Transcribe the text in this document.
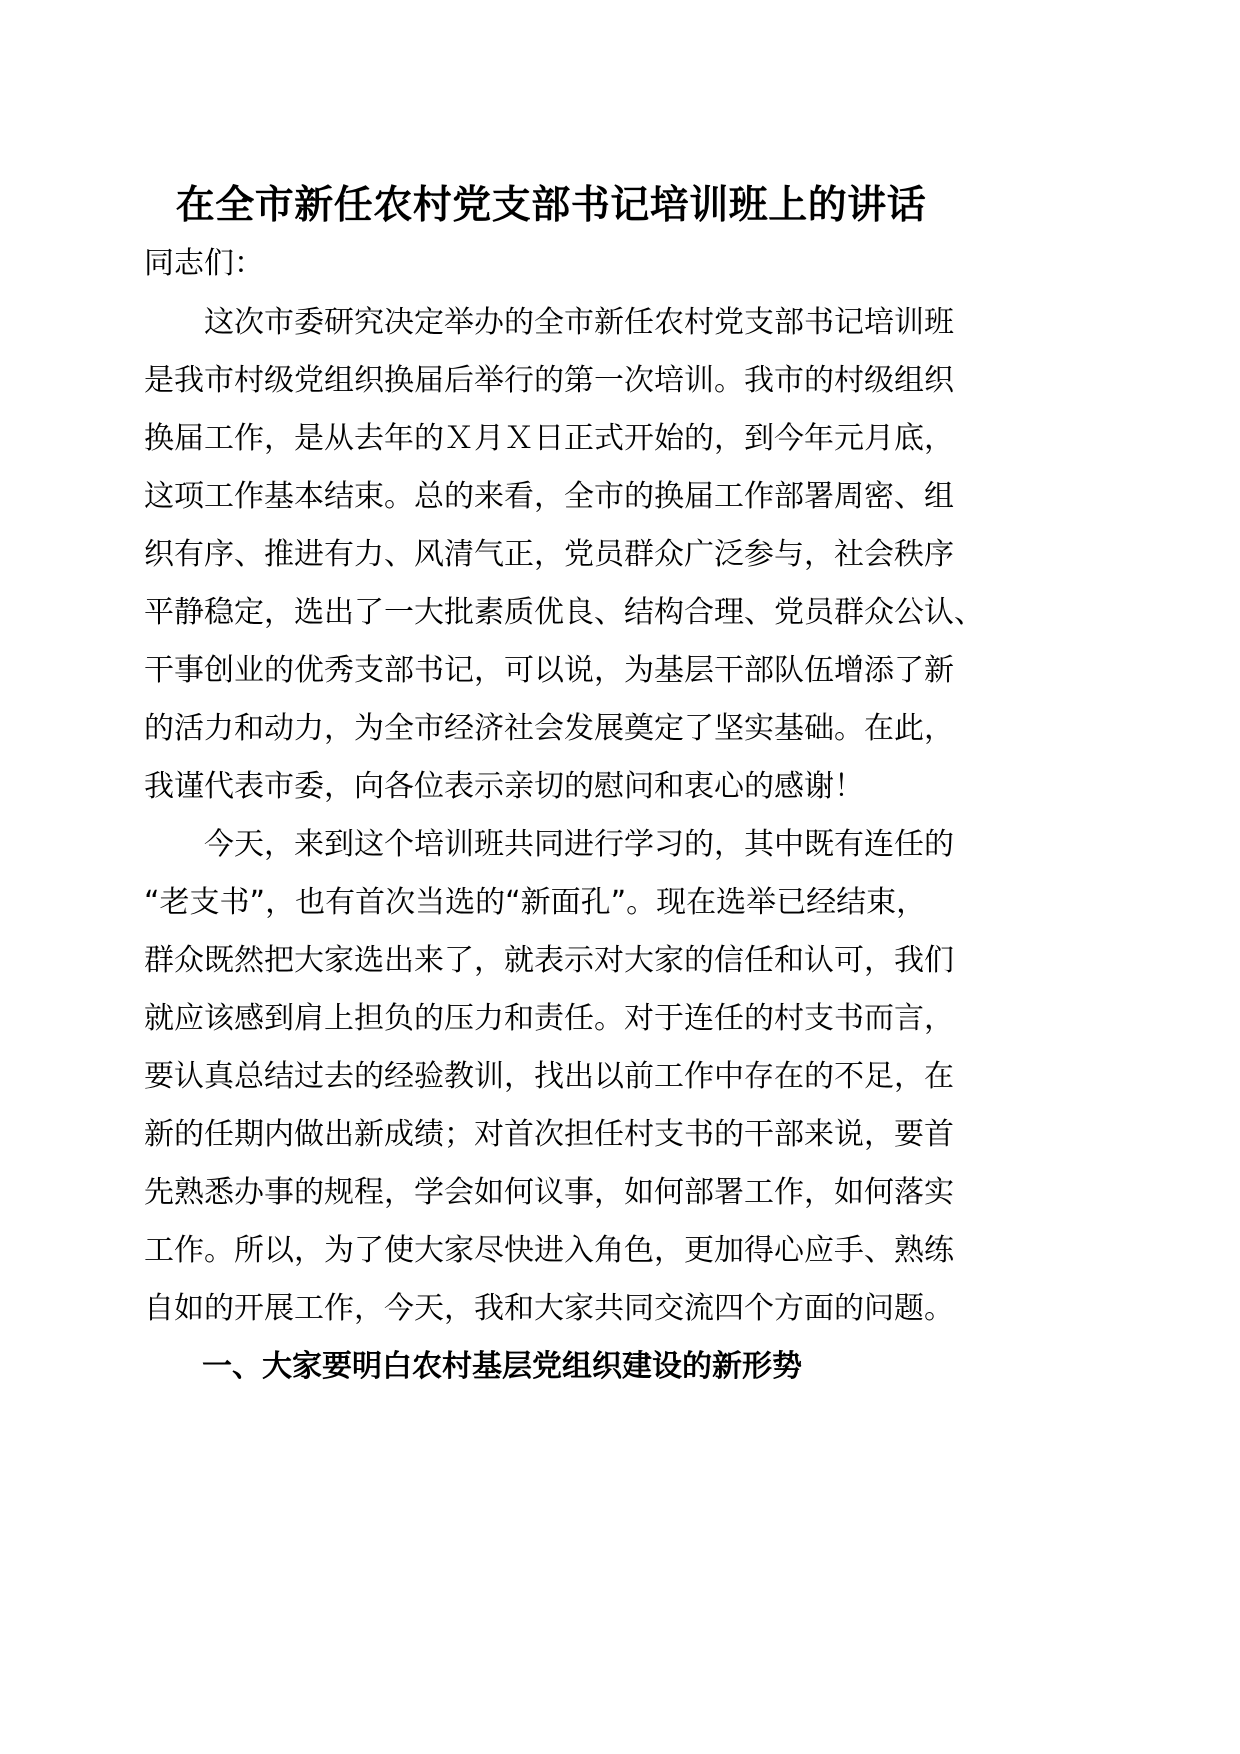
在全市新任农村党支部书记培训班上的讲话

同志们：

　　这次市委研究决定举办的全市新任农村党支部书记培训班

是我市村级党组织换届后举行的第一次培训。我市的村级组织

换届工作，是从去年的Ｘ月Ｘ日正式开始的，到今年元月底，

这项工作基本结束。总的来看，全市的换届工作部署周密、组

织有序、推进有力、风清气正，党员群众广泛参与，社会秩序

平静稳定，选出了一大批素质优良、结构合理、党员群众公认、

干事创业的优秀支部书记，可以说，为基层干部队伍增添了新

的活力和动力，为全市经济社会发展奠定了坚实基础。在此，

我谨代表市委，向各位表示亲切的慰问和衷心的感谢！

　　今天，来到这个培训班共同进行学习的，其中既有连任的

“老支书”，也有首次当选的“新面孔”。现在选举已经结束，

群众既然把大家选出来了，就表示对大家的信任和认可，我们

就应该感到肩上担负的压力和责任。对于连任的村支书而言，

要认真总结过去的经验教训，找出以前工作中存在的不足，在

新的任期内做出新成绩；对首次担任村支书的干部来说，要首

先熟悉办事的规程，学会如何议事，如何部署工作，如何落实

工作。所以，为了使大家尽快进入角色，更加得心应手、熟练

自如的开展工作，今天，我和大家共同交流四个方面的问题。

一、大家要明白农村基层党组织建设的新形势
